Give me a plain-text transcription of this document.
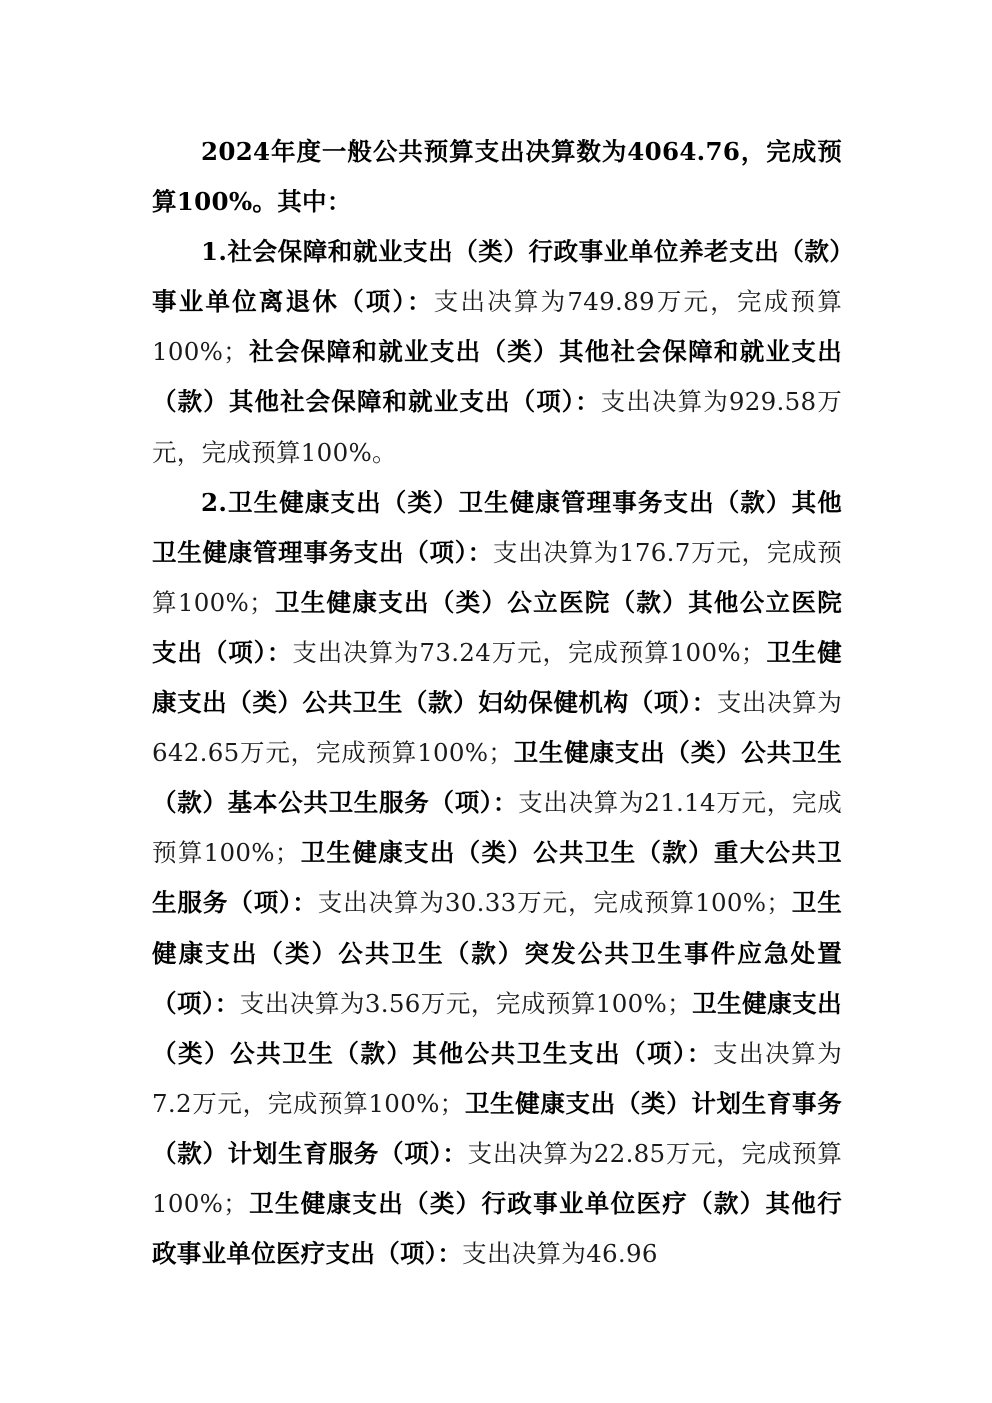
2024年度一般公共预算支出决算数为4064.76，完成预算100%。其中：

1.社会保障和就业支出（类）行政事业单位养老支出（款）事业单位离退休（项）：支出决算为749.89万元，完成预算100%；社会保障和就业支出（类）其他社会保障和就业支出（款）其他社会保障和就业支出（项）：支出决算为929.58万元，完成预算100%。

2.卫生健康支出（类）卫生健康管理事务支出（款）其他卫生健康管理事务支出（项）：支出决算为176.7万元，完成预算100%；卫生健康支出（类）公立医院（款）其他公立医院支出（项）：支出决算为73.24万元，完成预算100%；卫生健康支出（类）公共卫生（款）妇幼保健机构（项）：支出决算为642.65万元，完成预算100%；卫生健康支出（类）公共卫生（款）基本公共卫生服务（项）：支出决算为21.14万元，完成预算100%；卫生健康支出（类）公共卫生（款）重大公共卫生服务（项）：支出决算为30.33万元，完成预算100%；卫生健康支出（类）公共卫生（款）突发公共卫生事件应急处置（项）：支出决算为3.56万元，完成预算100%；卫生健康支出（类）公共卫生（款）其他公共卫生支出（项）：支出决算为7.2万元，完成预算100%；卫生健康支出（类）计划生育事务（款）计划生育服务（项）：支出决算为22.85万元，完成预算100%；卫生健康支出（类）行政事业单位医疗（款）其他行政事业单位医疗支出（项）：支出决算为46.96
